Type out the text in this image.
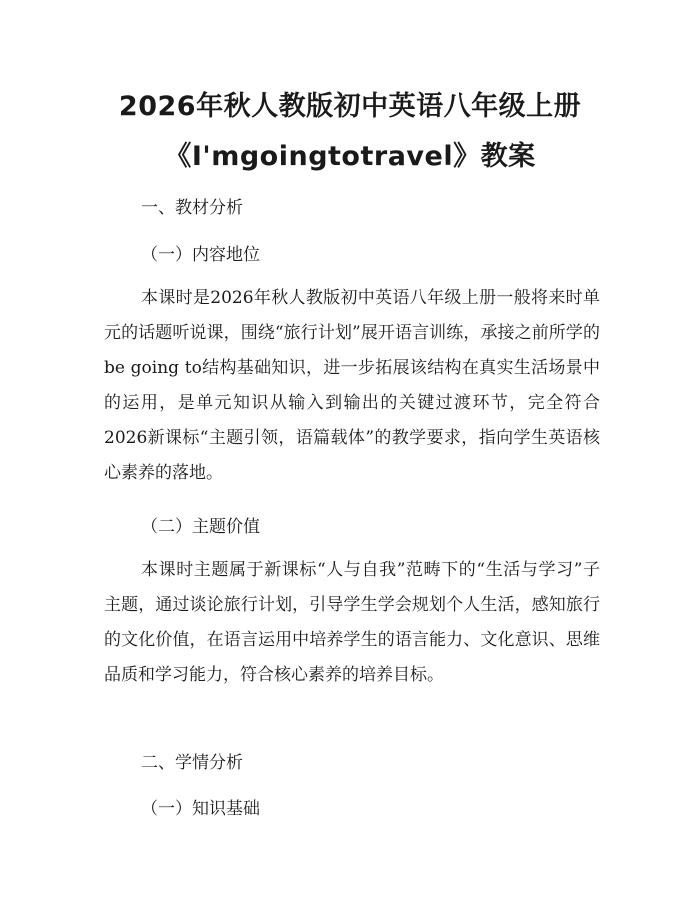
2026年秋人教版初中英语八年级上册
《I'mgoingtotravel》教案
一、教材分析
（一）内容地位
本课时是2026年秋人教版初中英语八年级上册一般将来时单元的话题听说课，围绕“旅行计划”展开语言训练，承接之前所学的be going to结构基础知识，进一步拓展该结构在真实生活场景中的运用，是单元知识从输入到输出的关键过渡环节，完全符合2026新课标“主题引领，语篇载体”的教学要求，指向学生英语核心素养的落地。
（二）主题价值
本课时主题属于新课标“人与自我”范畴下的“生活与学习”子主题，通过谈论旅行计划，引导学生学会规划个人生活，感知旅行的文化价值，在语言运用中培养学生的语言能力、文化意识、思维品质和学习能力，符合核心素养的培养目标。
二、学情分析
（一）知识基础
